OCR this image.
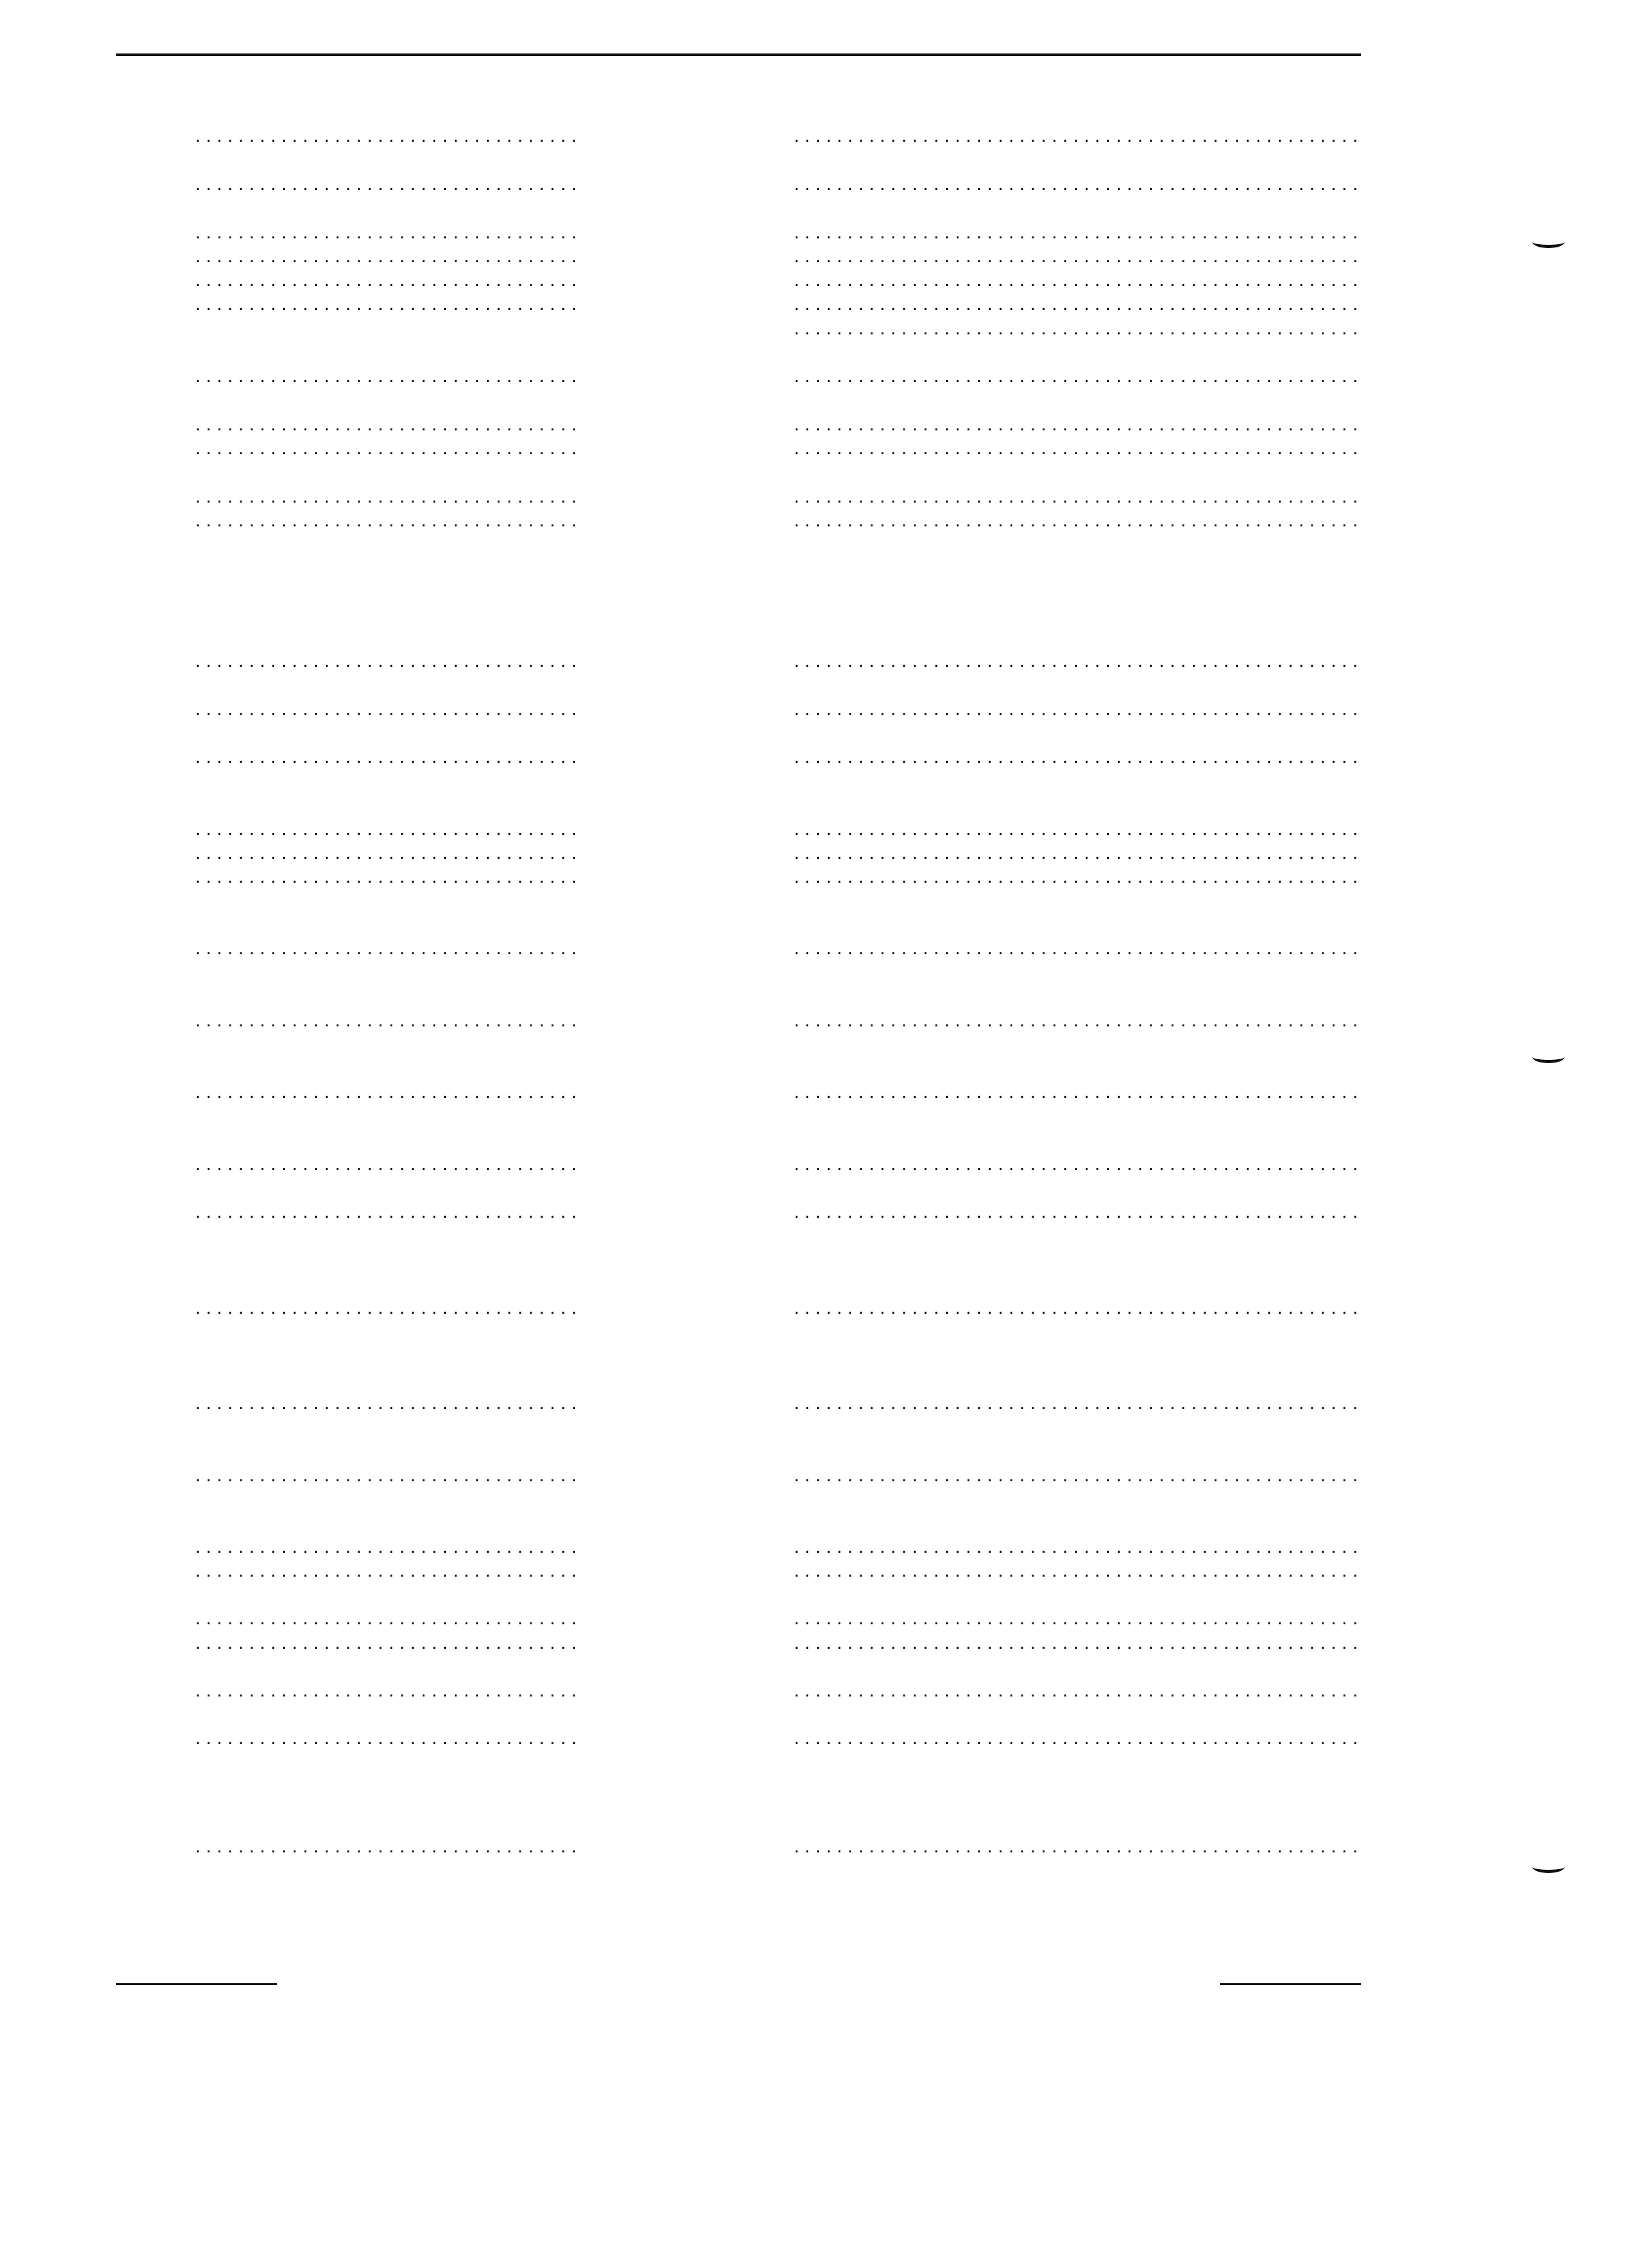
. . .
. . .
. . .
. . .
. . .
. . .
. . .
. . .
. . .
. . .
. . .
. . .
. . .
. . .
. . .
. . .
. . .
. . .
. . .
. . .
. . .
. . .
. . .
. . .
. . .
. . .
. . .
. . .
. . .
. . .
. . .
. . .
. . .
. . .
. . .
. . .
. . .
. . .
. . .
. . .
. . .
. . .
. . .
. . .
. . .
. . .
. . .
. . .
. . .
. . .
. . .
. . .
. . .
. . .
. . .
. . .
. . .
. . .
. . .
. . .
. . .
. . .
. . .
. . .
. . .
